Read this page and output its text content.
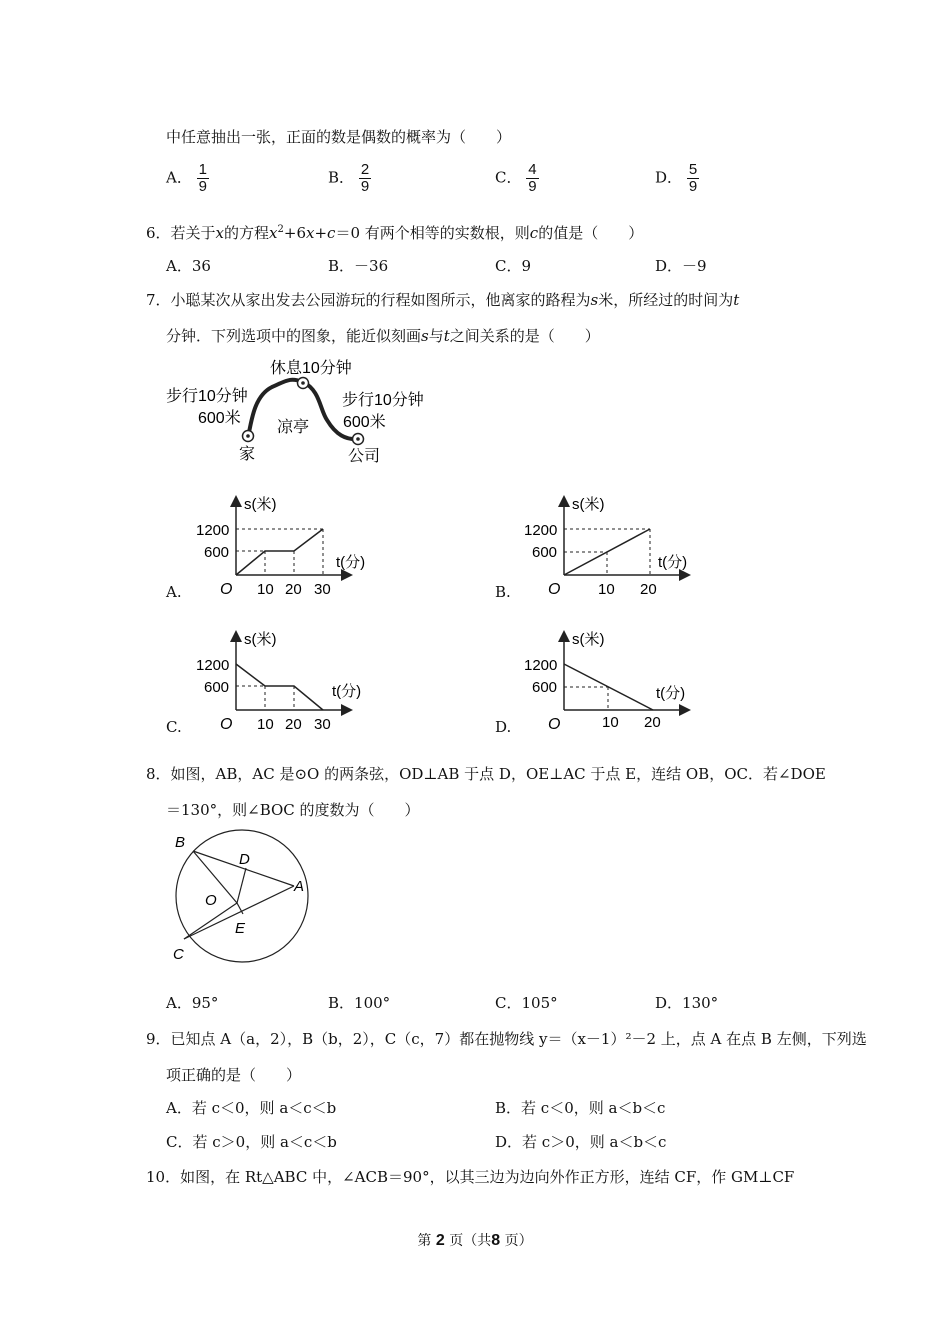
中任意抽出一张，正面的数是偶数的概率为（　　）
A． $\frac{1}{9}$	B． $\frac{2}{9}$	C． $\frac{4}{9}$	D． $\frac{5}{9}$
6．若关于x的方程$x^2+6x+c=0$ 有两个相等的实数根，则c的值是（　　）
A．36	B．－36	C．9	D．－9
7．小聪某次从家出发去公园游玩的行程如图所示，他离家的路程为s米，所经过的时间为t
分钟．下列选项中的图象，能近似刻画s与t之间关系的是（　　）
休息10分钟
步行10分钟
600米
凉亭
步行10分钟
600米
家	公司
A.
s(米)
t(分)
O
1200
600
10 20 30	B.
s(米)
t(分)
O
1200
600
10 20
C.
s(米)
t(分)
O
1200
600
10 20 30	D.
s(米)
t(分)
O
1200
600
10 20
8．如图，AB，AC 是⊙O 的两条弦，OD⊥AB 于点 D，OE⊥AC 于点 E，连结 OB，OC．若∠DOE
＝130°，则∠BOC 的度数为（　　）
B
D
A
O
E
C
A．95°	B．100°	C．105°	D．130°
9．已知点 A（a，2），B（b，2），C（c，7）都在抛物线 y＝（x－1）²－2 上，点 A 在点 B 左侧，下列选
项正确的是（　　）
A．若 c＜0，则 a＜c＜b	B．若 c＜0，则 a＜b＜c
C．若 c＞0，则 a＜c＜b	D．若 c＞0，则 a＜b＜c
10．如图，在 Rt△ABC 中，∠ACB＝90°，以其三边为边向外作正方形，连结 CF，作 GM⊥CF
第 2 页（共8 页）
